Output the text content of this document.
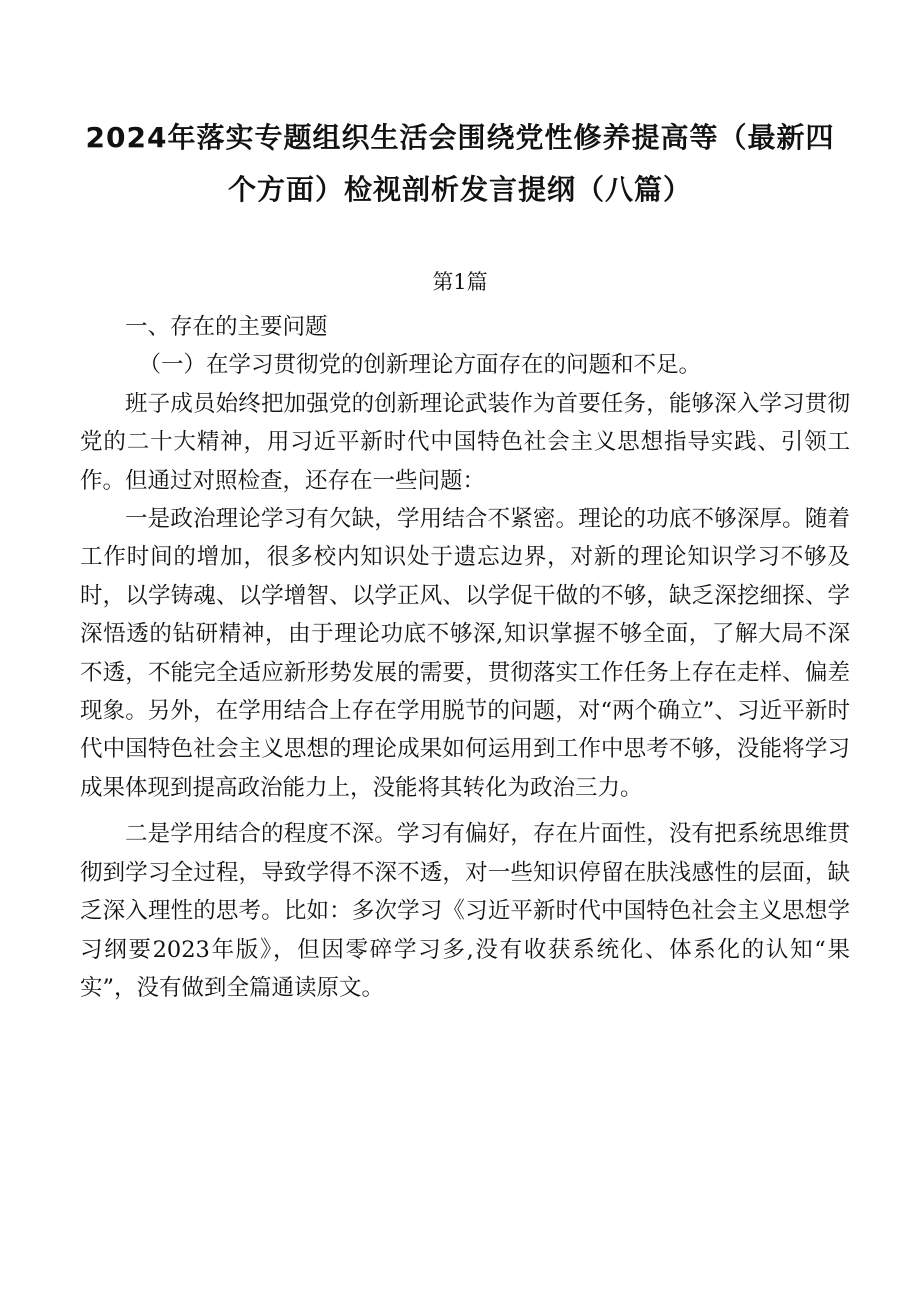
2024年落实专题组织生活会围绕党性修养提高等（最新四
个方面）检视剖析发言提纲（八篇）
第1篇

一、存在的主要问题

（一）在学习贯彻党的创新理论方面存在的问题和不足。

班子成员始终把加强党的创新理论武装作为首要任务，能够深入学习贯彻党的二十大精神，用习近平新时代中国特色社会主义思想指导实践、引领工作。但通过对照检查，还存在一些问题：

一是政治理论学习有欠缺，学用结合不紧密。理论的功底不够深厚。随着工作时间的增加，很多校内知识处于遗忘边界，对新的理论知识学习不够及时，以学铸魂、以学增智、以学正风、以学促干做的不够，缺乏深挖细探、学深悟透的钻研精神，由于理论功底不够深,知识掌握不够全面，了解大局不深不透，不能完全适应新形势发展的需要，贯彻落实工作任务上存在走样、偏差现象。另外，在学用结合上存在学用脱节的问题，对“两个确立”、习近平新时代中国特色社会主义思想的理论成果如何运用到工作中思考不够，没能将学习成果体现到提高政治能力上，没能将其转化为政治三力。

二是学用结合的程度不深。学习有偏好，存在片面性，没有把系统思维贯彻到学习全过程，导致学得不深不透，对一些知识停留在肤浅感性的层面，缺乏深入理性的思考。比如：多次学习《习近平新时代中国特色社会主义思想学习纲要2023年版》，但因零碎学习多,没有收获系统化、体系化的认知“果实”，没有做到全篇通读原文。
